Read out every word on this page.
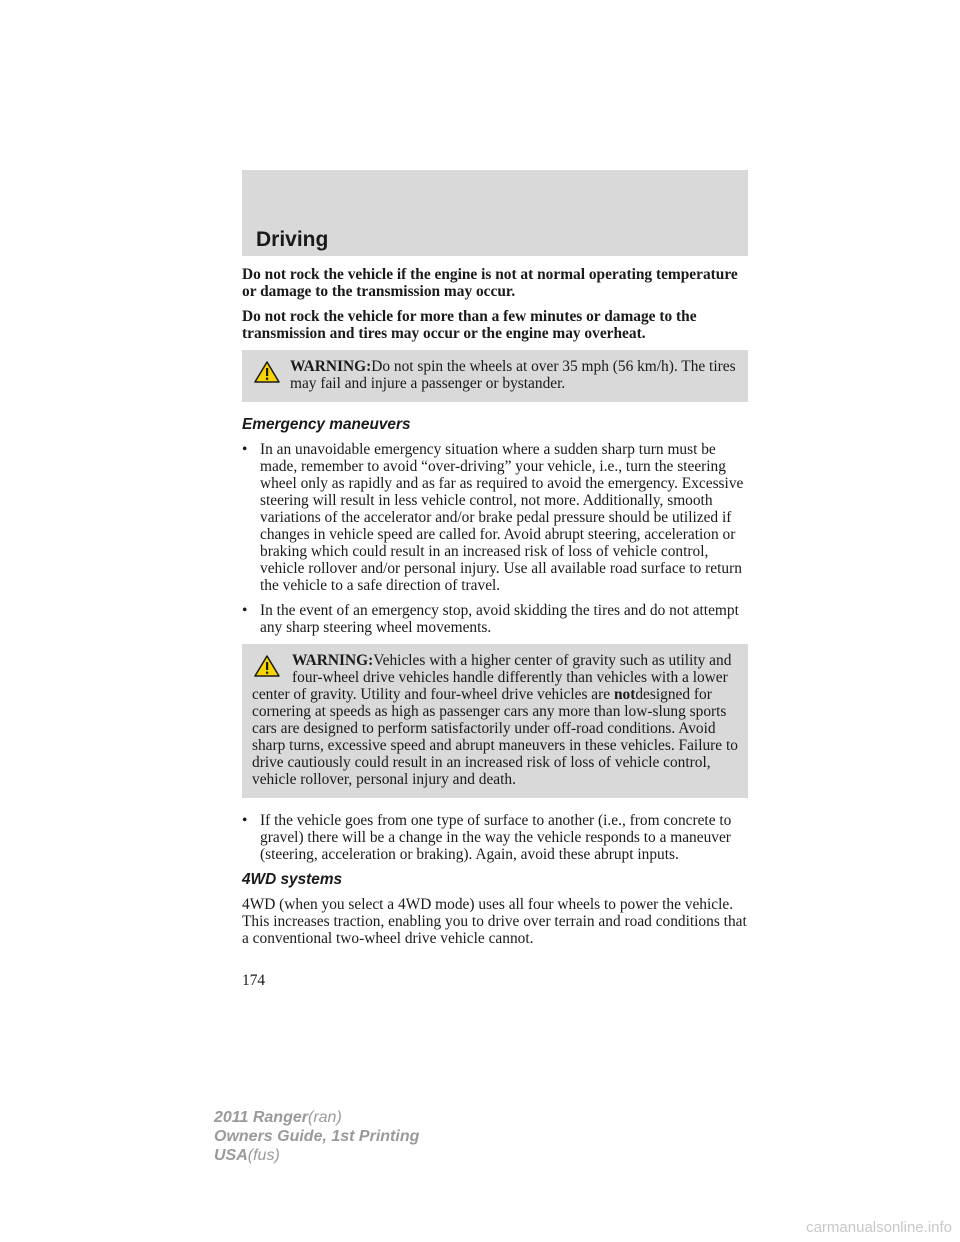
Driving

Do not rock the vehicle if the engine is not at normal operating temperature or damage to the transmission may occur.

Do not rock the vehicle for more than a few minutes or damage to the transmission and tires may occur or the engine may overheat.

WARNING:Do not spin the wheels at over 35 mph (56 km/h). The tires may fail and injure a passenger or bystander.
Emergency maneuvers
• In an unavoidable emergency situation where a sudden sharp turn must be made, remember to avoid “over-driving” your vehicle, i.e., turn the steering wheel only as rapidly and as far as required to avoid the emergency. Excessive steering will result in less vehicle control, not more. Additionally, smooth variations of the accelerator and/or brake pedal pressure should be utilized if changes in vehicle speed are called for. Avoid abrupt steering, acceleration or braking which could result in an increased risk of loss of vehicle control, vehicle rollover and/or personal injury. Use all available road surface to return the vehicle to a safe direction of travel.
• In the event of an emergency stop, avoid skidding the tires and do not attempt any sharp steering wheel movements.
WARNING:Vehicles with a higher center of gravity such as utility and four-wheel drive vehicles handle differently than vehicles with a lower center of gravity. Utility and four-wheel drive vehicles are notdesigned for cornering at speeds as high as passenger cars any more than low-slung sports cars are designed to perform satisfactorily under off-road conditions. Avoid sharp turns, excessive speed and abrupt maneuvers in these vehicles. Failure to drive cautiously could result in an increased risk of loss of vehicle control, vehicle rollover, personal injury and death.
• If the vehicle goes from one type of surface to another (i.e., from concrete to gravel) there will be a change in the way the vehicle responds to a maneuver (steering, acceleration or braking). Again, avoid these abrupt inputs.
4WD systems

4WD (when you select a 4WD mode) uses all four wheels to power the vehicle. This increases traction, enabling you to drive over terrain and road conditions that a conventional two-wheel drive vehicle cannot.

174
2011 Ranger(ran)
Owners Guide, 1st Printing
USA(fus)
carmanualsonline.info
